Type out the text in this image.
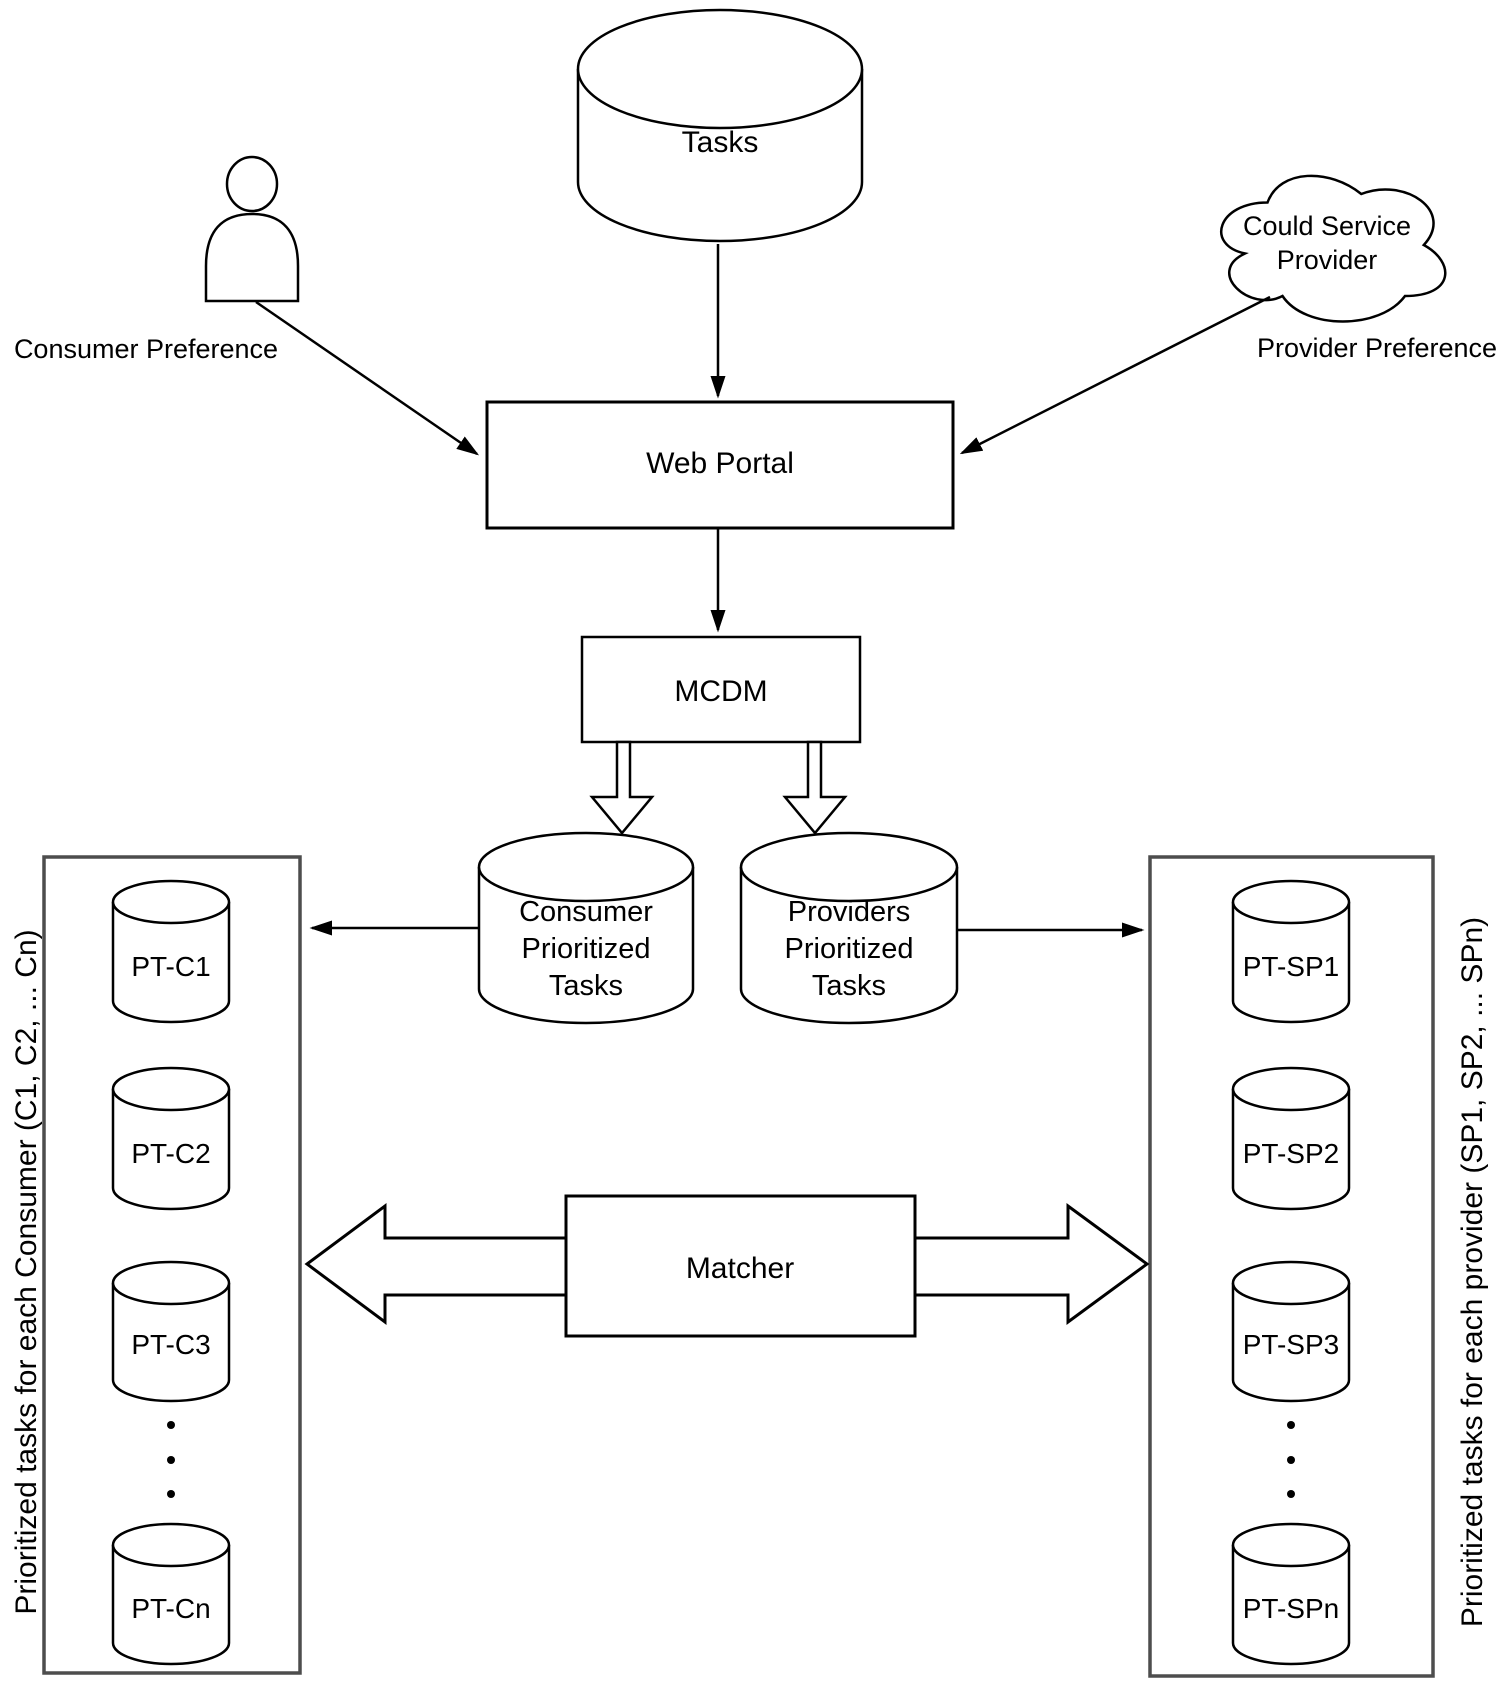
Tasks
Consumer Preference
Could Service
Provider
Provider Preference
Web Portal
MCDM
Consumer
Prioritized
Tasks
Providers
Prioritized
Tasks
PT-C1
PT-C2
PT-C3
PT-Cn
PT-SP1
PT-SP2
PT-SP3
PT-SPn
Matcher
Prioritized tasks for each Consumer (C1, C2, ... Cn)	Prioritized tasks for each provider (SP1, SP2, ... SPn)
